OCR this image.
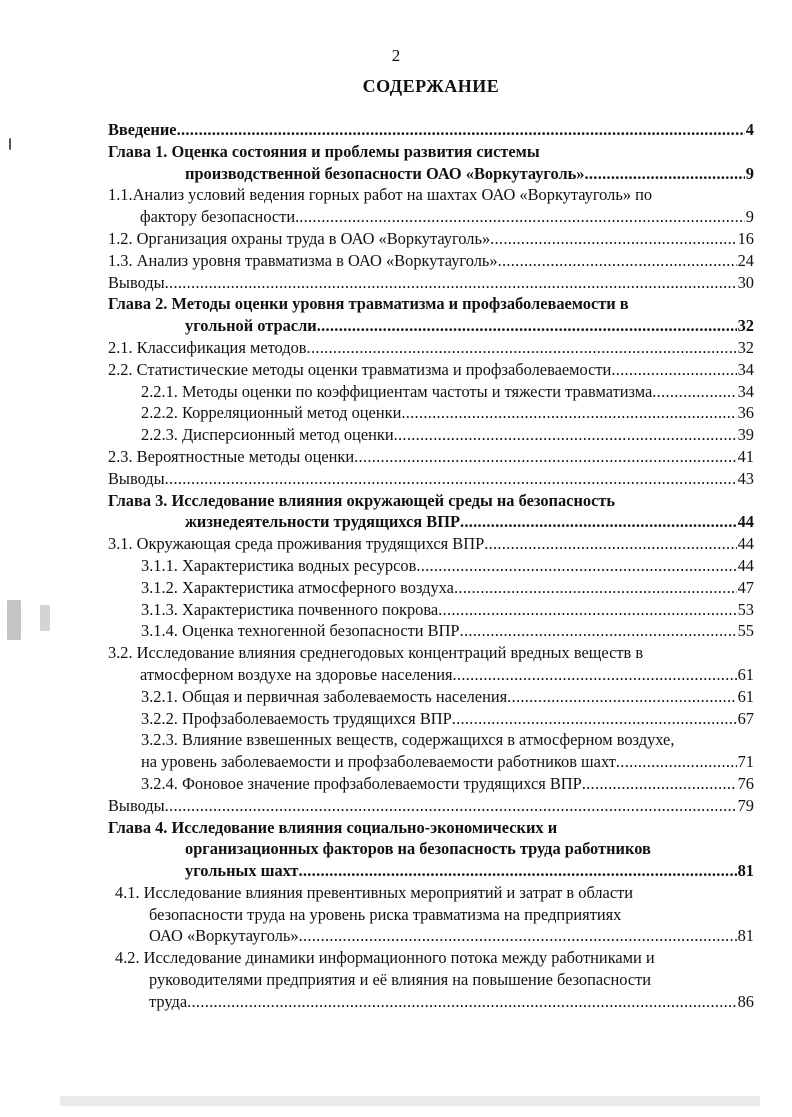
2
СОДЕРЖАНИЕ
Введение .....	4
Глава 1. Оценка состояния и проблемы развития системы
производственной безопасности ОАО «Воркутауголь» .....	9
1.1.Анализ условий ведения горных работ на шахтах ОАО «Воркутауголь» по
фактору безопасности. .....	9
1.2. Организация охраны труда в ОАО «Воркутауголь» .....	16
1.3. Анализ уровня травматизма в ОАО «Воркутауголь» .....	24
Выводы .....	30
Глава 2. Методы оценки уровня травматизма и профзаболеваемости в
угольной отрасли .....	32
2.1. Классификация методов .....	32
2.2. Статистические методы оценки травматизма и профзаболеваемости .....	34
2.2.1. Методы оценки по коэффициентам частоты и тяжести травматизма .....	34
2.2.2. Корреляционный метод оценки .....	36
2.2.3. Дисперсионный метод оценки .....	39
2.3. Вероятностные методы оценки .....	41
Выводы .....	43
Глава 3. Исследование влияния окружающей среды на безопасность
жизнедеятельности трудящихся ВПР .....	44
3.1. Окружающая среда проживания трудящихся ВПР .....	44
3.1.1. Характеристика водных ресурсов .....	44
3.1.2. Характеристика атмосферного воздуха .....	47
3.1.3. Характеристика почвенного покрова .....	53
3.1.4. Оценка техногенной безопасности ВПР .....	55
3.2. Исследование влияния среднегодовых концентраций вредных веществ в
атмосферном воздухе на здоровье населения .....	61
3.2.1. Общая и первичная заболеваемость населения .....	61
3.2.2. Профзаболеваемость трудящихся ВПР .....	67
3.2.3. Влияние взвешенных веществ, содержащихся в атмосферном воздухе,
на уровень заболеваемости и профзаболеваемости работников шахт .....	71
3.2.4. Фоновое значение профзаболеваемости трудящихся ВПР .....	76
Выводы .....	79
Глава 4. Исследование влияния социально-экономических и
организационных факторов на безопасность труда работников
угольных шахт .....	81
4.1. Исследование влияния превентивных мероприятий и затрат в области
безопасности труда на уровень риска травматизма на предприятиях
ОАО «Воркутауголь» .....	81
4.2. Исследование динамики информационного потока между работниками и
руководителями предприятия и её влияния на повышение безопасности
труда .....	86
